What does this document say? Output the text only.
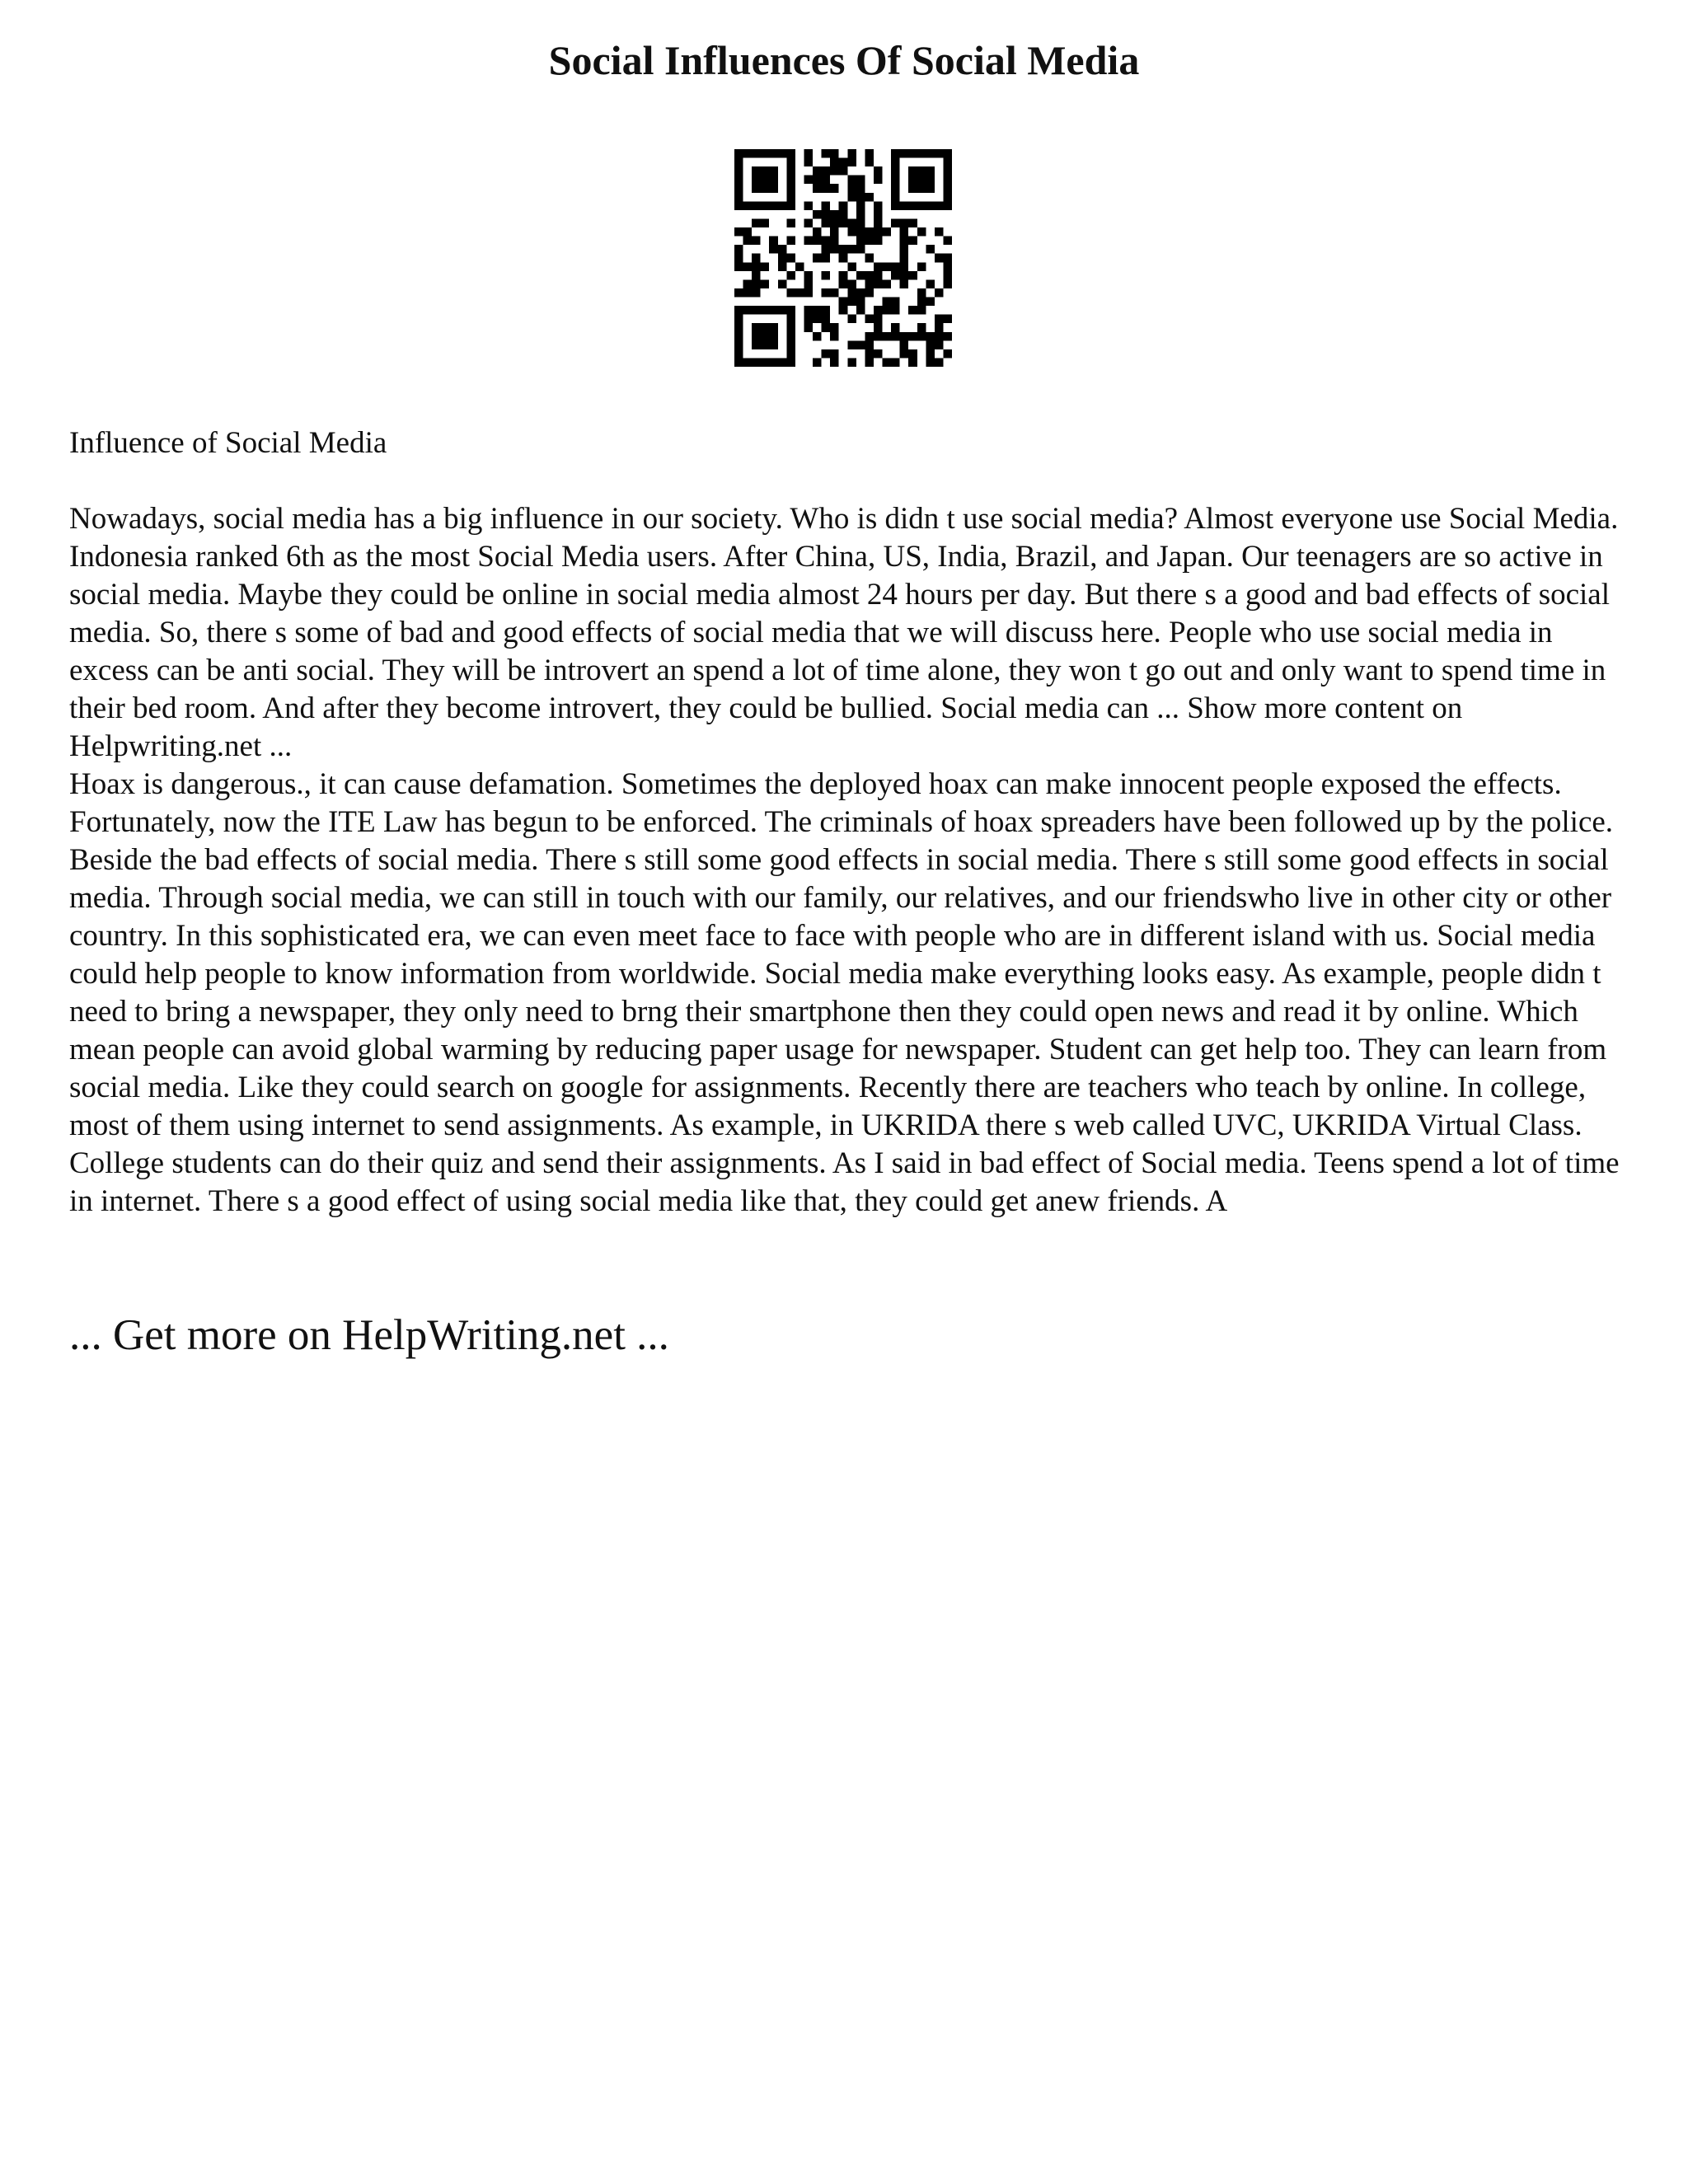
Social Influences Of Social Media

Influence of Social Media

Nowadays, social media has a big influence in our society. Who is didn t use social media? Almost everyone use Social Media. Indonesia ranked 6th as the most Social Media users. After China, US, India, Brazil, and Japan. Our teenagers are so active in social media. Maybe they could be online in social media almost 24 hours per day. But there s a good and bad effects of social media. So, there s some of bad and good effects of social media that we will discuss here. People who use social media in excess can be anti social. They will be introvert an spend a lot of time alone, they won t go out and only want to spend time in their bed room. And after they become introvert, they could be bullied. Social media can ... Show more content on Helpwriting.net ...

Hoax is dangerous., it can cause defamation. Sometimes the deployed hoax can make innocent people exposed the effects. Fortunately, now the ITE Law has begun to be enforced. The criminals of hoax spreaders have been followed up by the police. Beside the bad effects of social media. There s still some good effects in social media. There s still some good effects in social media. Through social media, we can still in touch with our family, our relatives, and our friendswho live in other city or other country. In this sophisticated era, we can even meet face to face with people who are in different island with us. Social media could help people to know information from worldwide. Social media make everything looks easy. As example, people didn t need to bring a newspaper, they only need to brng their smartphone then they could open news and read it by online. Which mean people can avoid global warming by reducing paper usage for newspaper. Student can get help too. They can learn from social media. Like they could search on google for assignments. Recently there are teachers who teach by online. In college, most of them using internet to send assignments. As example, in UKRIDA there s web called UVC, UKRIDA Virtual Class. College students can do their quiz and send their assignments. As I said in bad effect of Social media. Teens spend a lot of time in internet. There s a good effect of using social media like that, they could get anew friends. A

... Get more on HelpWriting.net ...
